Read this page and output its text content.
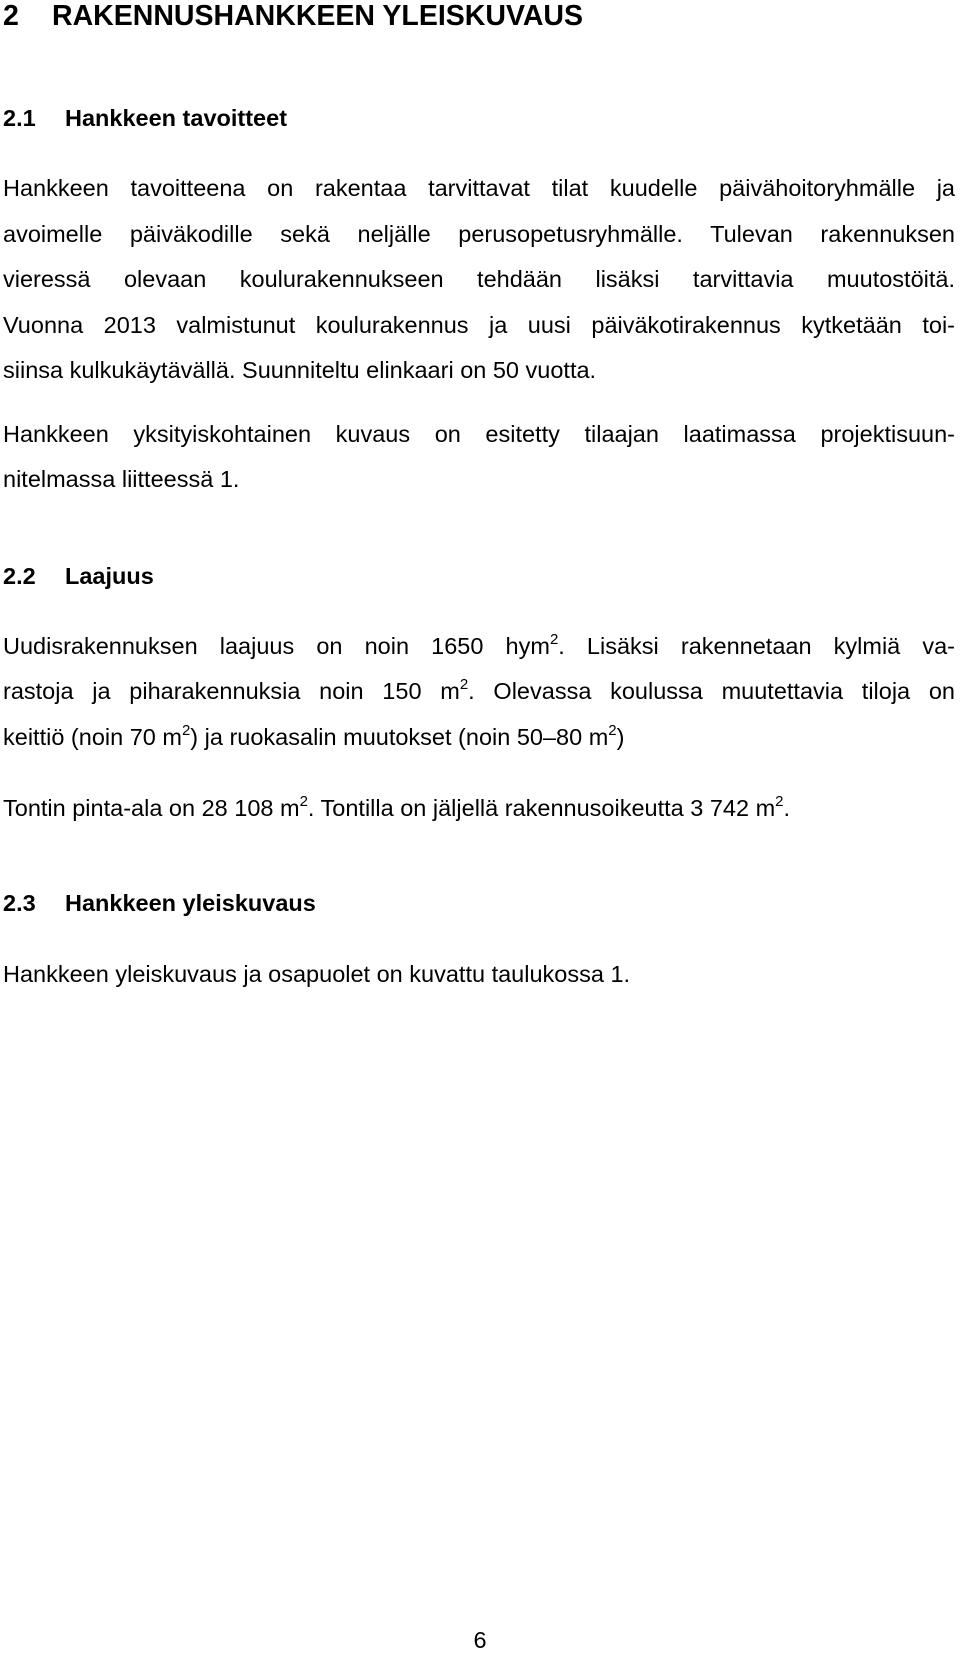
2 RAKENNUSHANKKEEN YLEISKUVAUS
2.1 Hankkeen tavoitteet
Hankkeen tavoitteena on rakentaa tarvittavat tilat kuudelle päivähoitoryhmälle ja
avoimelle päiväkodille sekä neljälle perusopetusryhmälle. Tulevan rakennuksen
vieressä olevaan koulurakennukseen tehdään lisäksi tarvittavia muutostöitä.
Vuonna 2013 valmistunut koulurakennus ja uusi päiväkotirakennus kytketään toi-
siinsa kulkukäytävällä. Suunniteltu elinkaari on 50 vuotta.
Hankkeen yksityiskohtainen kuvaus on esitetty tilaajan laatimassa projektisuun-
nitelmassa liitteessä 1.
2.2 Laajuus
Uudisrakennuksen laajuus on noin 1650 hym$^2$. Lisäksi rakennetaan kylmiä va-
rastoja ja piharakennuksia noin 150 $m^2$. Olevassa koulussa muutettavia tiloja on
keittiö (noin 70 $m^2$) ja ruokasalin muutokset (noin 50–80 $m^2$)
Tontin pinta-ala on 28 108 $m^2$. Tontilla on jäljellä rakennusoikeutta 3 742 $m^2$.
2.3 Hankkeen yleiskuvaus
Hankkeen yleiskuvaus ja osapuolet on kuvattu taulukossa 1.
6
